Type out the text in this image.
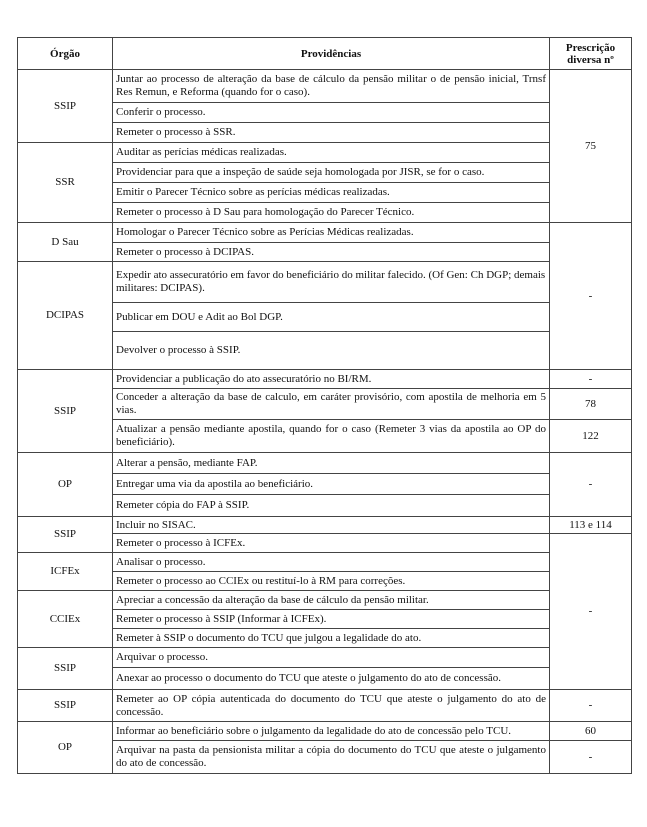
Órgão	Providências	Prescrição
diversa nº
SSIP	Juntar ao processo de alteração da base de cálculo da pensão militar o de pensão inicial, Trnsf Res Remun, e Reforma (quando for o caso).	75
	Conferir o processo.	
	Remeter o processo à SSR.	
SSR	Auditar as perícias médicas realizadas.	
	Providenciar para que a inspeção de saúde seja homologada por JISR, se for o caso.	
	Emitir o Parecer Técnico sobre as perícias médicas realizadas.	
	Remeter o processo à D Sau para homologação do Parecer Técnico.	
D Sau	Homologar o Parecer Técnico sobre as Perícias Médicas realizadas.	-
	Remeter o processo à DCIPAS.	
DCIPAS	Expedir ato assecuratório em favor do beneficiário do militar falecido. (Of Gen: Ch DGP; demais militares: DCIPAS).	
	Publicar em DOU e Adit ao Bol DGP.	
	Devolver o processo à SSIP.	
SSIP	Providenciar a publicação do ato assecuratório no BI/RM.	-
	Conceder a alteração da base de calculo, em caráter provisório, com apostila de melhoria em 5 vias.	78
	Atualizar a pensão mediante apostila, quando for o caso (Remeter 3 vias da apostila ao OP do beneficiário).	122
OP	Alterar a pensão, mediante FAP.	-
	Entregar uma via da apostila ao beneficiário.	
	Remeter cópia do FAP à SSIP.	
SSIP	Incluir no SISAC.	113 e 114
	Remeter o processo à ICFEx.	-
ICFEx	Analisar o processo.	
	Remeter o processo ao CCIEx ou restituí-lo à RM para correções.	
CCIEx	Apreciar a concessão da alteração da base de cálculo da pensão militar.	
	Remeter o processo à SSIP (Informar à ICFEx).	
	Remeter à SSIP o documento do TCU que julgou a legalidade do ato.	
SSIP	Arquivar o processo.	
	Anexar ao processo o documento do TCU que ateste o julgamento do ato de concessão.	
SSIP	Remeter ao OP cópia autenticada do documento do TCU que ateste o julgamento do ato de concessão.	-
OP	Informar ao beneficiário sobre o julgamento da legalidade do ato de concessão pelo TCU.	60
	Arquivar na pasta da pensionista militar a cópia do documento do TCU que ateste o julgamento do ato de concessão.	-
